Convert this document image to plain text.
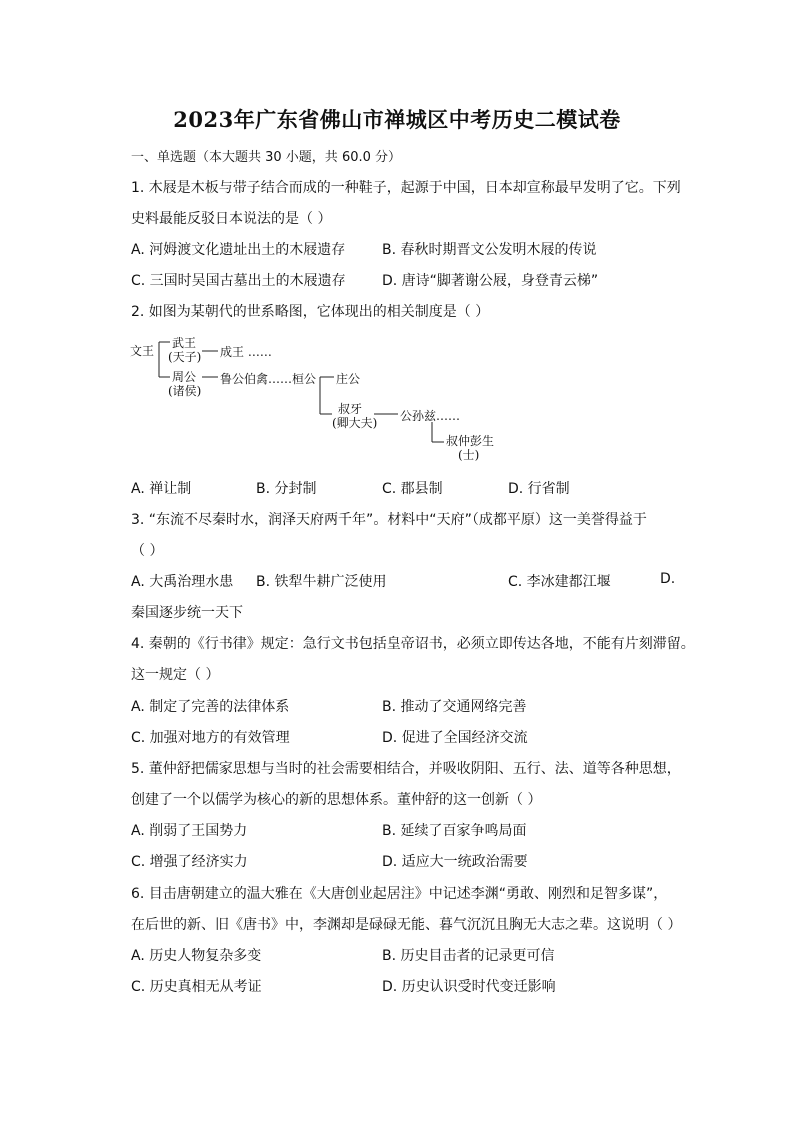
2023年广东省佛山市禅城区中考历史二模试卷
一、单选题（本大题共 30 小题，共 60.0 分）
1. 木屐是木板与带子结合而成的一种鞋子，起源于中国，日本却宣称最早发明了它。下列
史料最能反驳日本说法的是（ ）
A. 河姆渡文化遗址出土的木屐遗存	B. 春秋时期晋文公发明木屐的传说
C. 三国时吴国古墓出土的木屐遗存	D. 唐诗“脚著谢公屐，身登青云梯”
2. 如图为某朝代的世系略图，它体现出的相关制度是（ ）
文王
武王
(天子) 成王 ……
周公
(诸侯)
鲁公伯禽……桓公 庄公
叔牙
(卿大夫) 公孙兹……
叔仲彭生
(士)
A. 禅让制	B. 分封制	C. 郡县制	D. 行省制
3. “东流不尽秦时水，润泽天府两千年”。材料中“天府”（成都平原）这一美誉得益于
（ ）
A. 大禹治理水患 B. 铁犁牛耕广泛使用	C. 李冰建都江堰	D.
秦国逐步统一天下
4. 秦朝的《行书律》规定：急行文书包括皇帝诏书，必须立即传达各地，不能有片刻滞留。
这一规定（ ）
A. 制定了完善的法律体系	B. 推动了交通网络完善
C. 加强对地方的有效管理	D. 促进了全国经济交流
5. 董仲舒把儒家思想与当时的社会需要相结合，并吸收阴阳、五行、法、道等各种思想，
创建了一个以儒学为核心的新的思想体系。董仲舒的这一创新（ ）
A. 削弱了王国势力	B. 延续了百家争鸣局面
C. 增强了经济实力	D. 适应大一统政治需要
6. 目击唐朝建立的温大雅在《大唐创业起居注》中记述李渊“勇敢、刚烈和足智多谋”，
在后世的新、旧《唐书》中，李渊却是碌碌无能、暮气沉沉且胸无大志之辈。这说明（ ）
A. 历史人物复杂多变	B. 历史目击者的记录更可信
C. 历史真相无从考证	D. 历史认识受时代变迁影响
